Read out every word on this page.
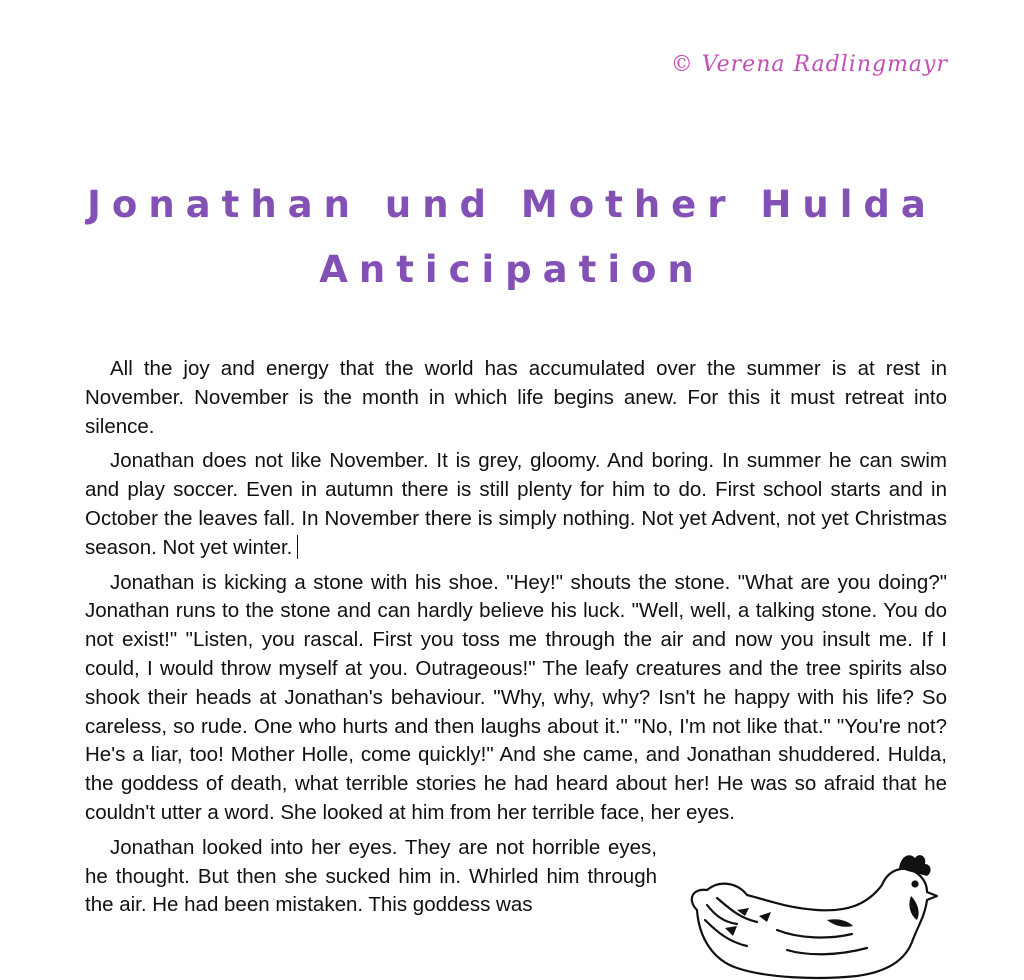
© Verena Radlingmayr
Jonathan und Mother Hulda
Anticipation

All the joy and energy that the world has accumulated over the summer is at rest in November. November is the month in which life begins anew. For this it must retreat into silence.

Jonathan does not like November. It is grey, gloomy. And boring. In summer he can swim and play soccer. Even in autumn there is still plenty for him to do. First school starts and in October the leaves fall. In November there is simply nothing. Not yet Advent, not yet Christmas season. Not yet winter.

Jonathan is kicking a stone with his shoe. "Hey!" shouts the stone. "What are you doing?" Jonathan runs to the stone and can hardly believe his luck. "Well, well, a talking stone. You do not exist!" "Listen, you rascal. First you toss me through the air and now you insult me. If I could, I would throw myself at you. Outrageous!" The leafy creatures and the tree spirits also shook their heads at Jonathan's behaviour. "Why, why, why? Isn't he happy with his life? So careless, so rude. One who hurts and then laughs about it." "No, I'm not like that." "You're not? He's a liar, too! Mother Holle, come quickly!" And she came, and Jonathan shuddered. Hulda, the goddess of death, what terrible stories he had heard about her! He was so afraid that he couldn't utter a word. She looked at him from her terrible face, her eyes.

Jonathan looked into her eyes. They are not horrible eyes, he thought. But then she sucked him in. Whirled him through the air. He had been mistaken. This goddess was
